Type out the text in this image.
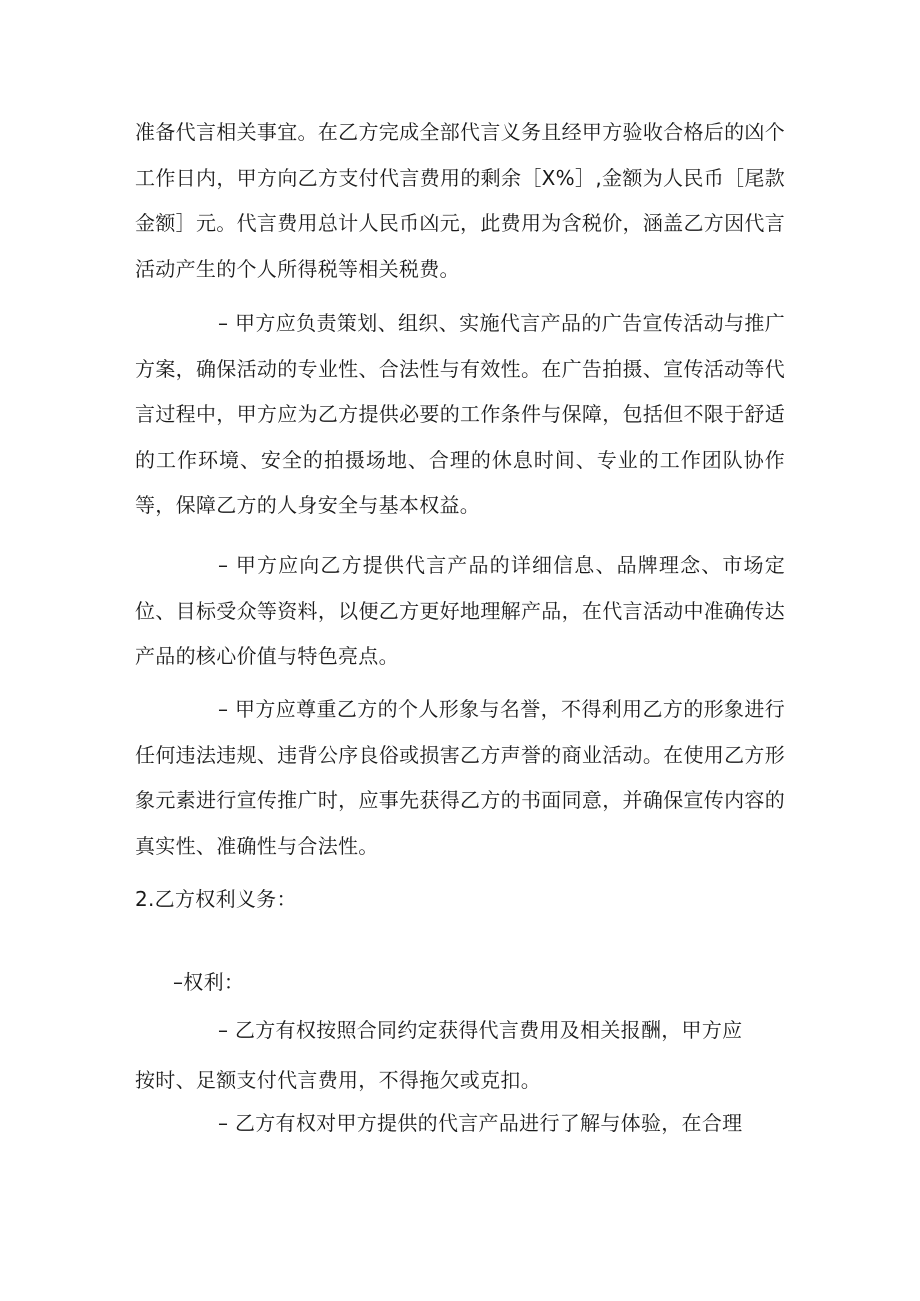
准备代言相关事宜。在乙方完成全部代言义务且经甲方验收合格后的凶个工作日内，甲方向乙方支付代言费用的剩余［X%］,金额为人民币［尾款金额］元。代言费用总计人民币凶元，此费用为含税价，涵盖乙方因代言活动产生的个人所得税等相关税费。

– 甲方应负责策划、组织、实施代言产品的广告宣传活动与推广方案，确保活动的专业性、合法性与有效性。在广告拍摄、宣传活动等代言过程中，甲方应为乙方提供必要的工作条件与保障，包括但不限于舒适的工作环境、安全的拍摄场地、合理的休息时间、专业的工作团队协作等，保障乙方的人身安全与基本权益。

– 甲方应向乙方提供代言产品的详细信息、品牌理念、市场定位、目标受众等资料，以便乙方更好地理解产品，在代言活动中准确传达产品的核心价值与特色亮点。

– 甲方应尊重乙方的个人形象与名誉，不得利用乙方的形象进行任何违法违规、违背公序良俗或损害乙方声誉的商业活动。在使用乙方形象元素进行宣传推广时，应事先获得乙方的书面同意，并确保宣传内容的真实性、准确性与合法性。

2.乙方权利义务：

–权利：

– 乙方有权按照合同约定获得代言费用及相关报酬，甲方应

按时、足额支付代言费用，不得拖欠或克扣。

– 乙方有权对甲方提供的代言产品进行了解与体验，在合理
